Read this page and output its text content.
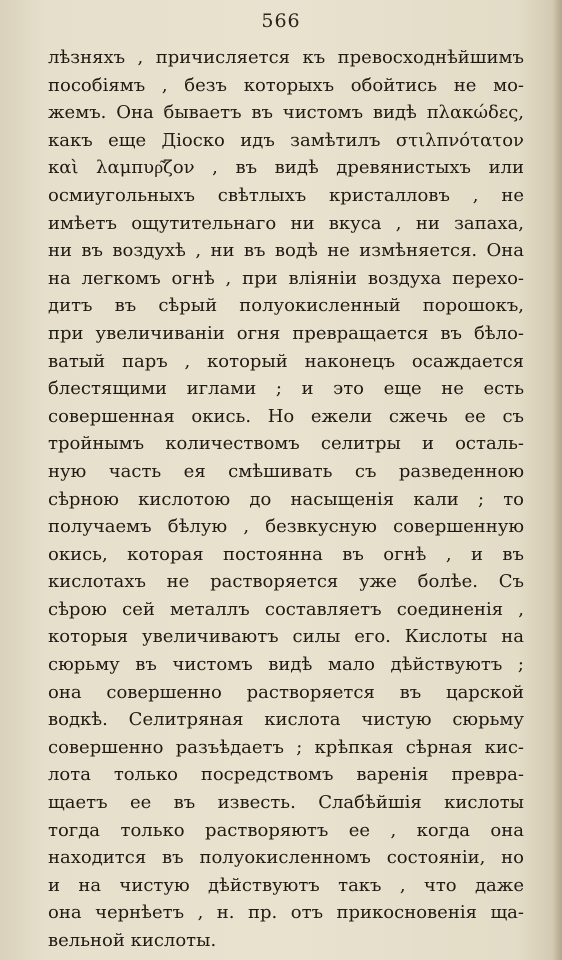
566
лѣзняхъ , причисляется къ превосходнѣйшимъ
пособіямъ , безъ которыхъ обойтись не мо-
жемъ. Она бываетъ въ чистомъ видѣ πλακώδες,
какъ еще Діоско идъ замѣтилъ στιλπνότατον
καὶ λαμπυρ͂ζον , въ видѣ древянистыхъ или
осмиугольныхъ свѣтлыхъ кристалловъ , не
имѣетъ ощутительнаго ни вкуса , ни запаха,
ни въ воздухѣ , ни въ водѣ не измѣняется. Она
на легкомъ огнѣ , при вліяніи воздуха перехо-
дитъ въ сѣрый полуокисленный порошокъ,
при увеличиваніи огня превращается въ бѣло-
ватый паръ , который наконецъ осаждается
блестящими иглами ; и это еще не есть
совершенная окись. Но ежели сжечь ее съ
тройнымъ количествомъ селитры и осталь-
ную часть ея смѣшивать съ разведенною
сѣрною кислотою до насыщенія кали ; то
получаемъ бѣлую , безвкусную совершенную
окись, которая постоянна въ огнѣ , и въ
кислотахъ не растворяется уже болѣе. Съ
сѣрою сей металлъ составляетъ соединенія ,
которыя увеличиваютъ силы его. Кислоты на
сюрьму въ чистомъ видѣ мало дѣйствуютъ ;
она совершенно растворяется въ царской
водкѣ. Селитряная кислота чистую сюрьму
совершенно разъѣдаетъ ; крѣпкая сѣрная кис-
лота только посредствомъ варенія превра-
щаетъ ее въ известь. Слабѣйшія кислоты
тогда только растворяютъ ее , когда она
находится въ полуокисленномъ состояніи, но
и на чистую дѣйствуютъ такъ , что даже
она чернѣетъ , н. пр. отъ прикосновенія ща-
вельной кислоты.
